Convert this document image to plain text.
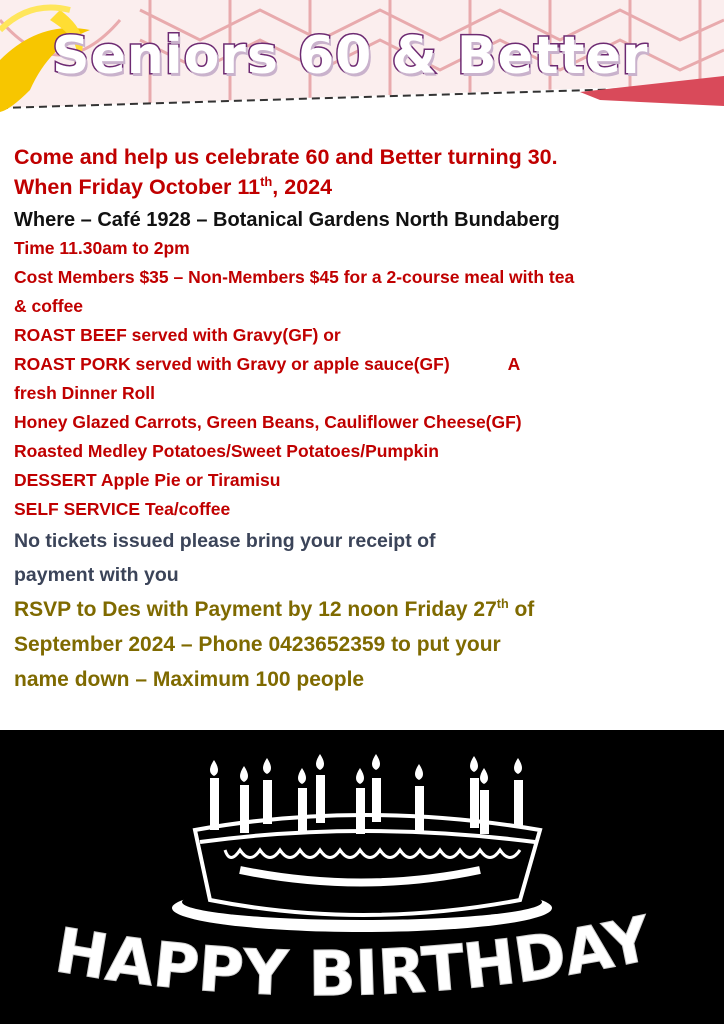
Seniors 60 & Better
Come and help us celebrate 60 and Better turning 30.
When Friday October 11th, 2024
Where – Café 1928 – Botanical Gardens North Bundaberg
Time 11.30am to 2pm
Cost Members $35 – Non-Members $45 for a 2-course meal with tea
& coffee
ROAST BEEF served with Gravy(GF) or
ROAST PORK served with Gravy or apple sauce(GF)	A
fresh Dinner Roll
Honey Glazed Carrots, Green Beans, Cauliflower Cheese(GF)
Roasted Medley Potatoes/Sweet Potatoes/Pumpkin
DESSERT Apple Pie or Tiramisu
SELF SERVICE Tea/coffee
No tickets issued please bring your receipt of
payment with you
RSVP to Des with Payment by 12 noon Friday 27th of
September 2024 – Phone 0423652359 to put your
name down – Maximum 100 people
HAPPY BIRTHDAY
